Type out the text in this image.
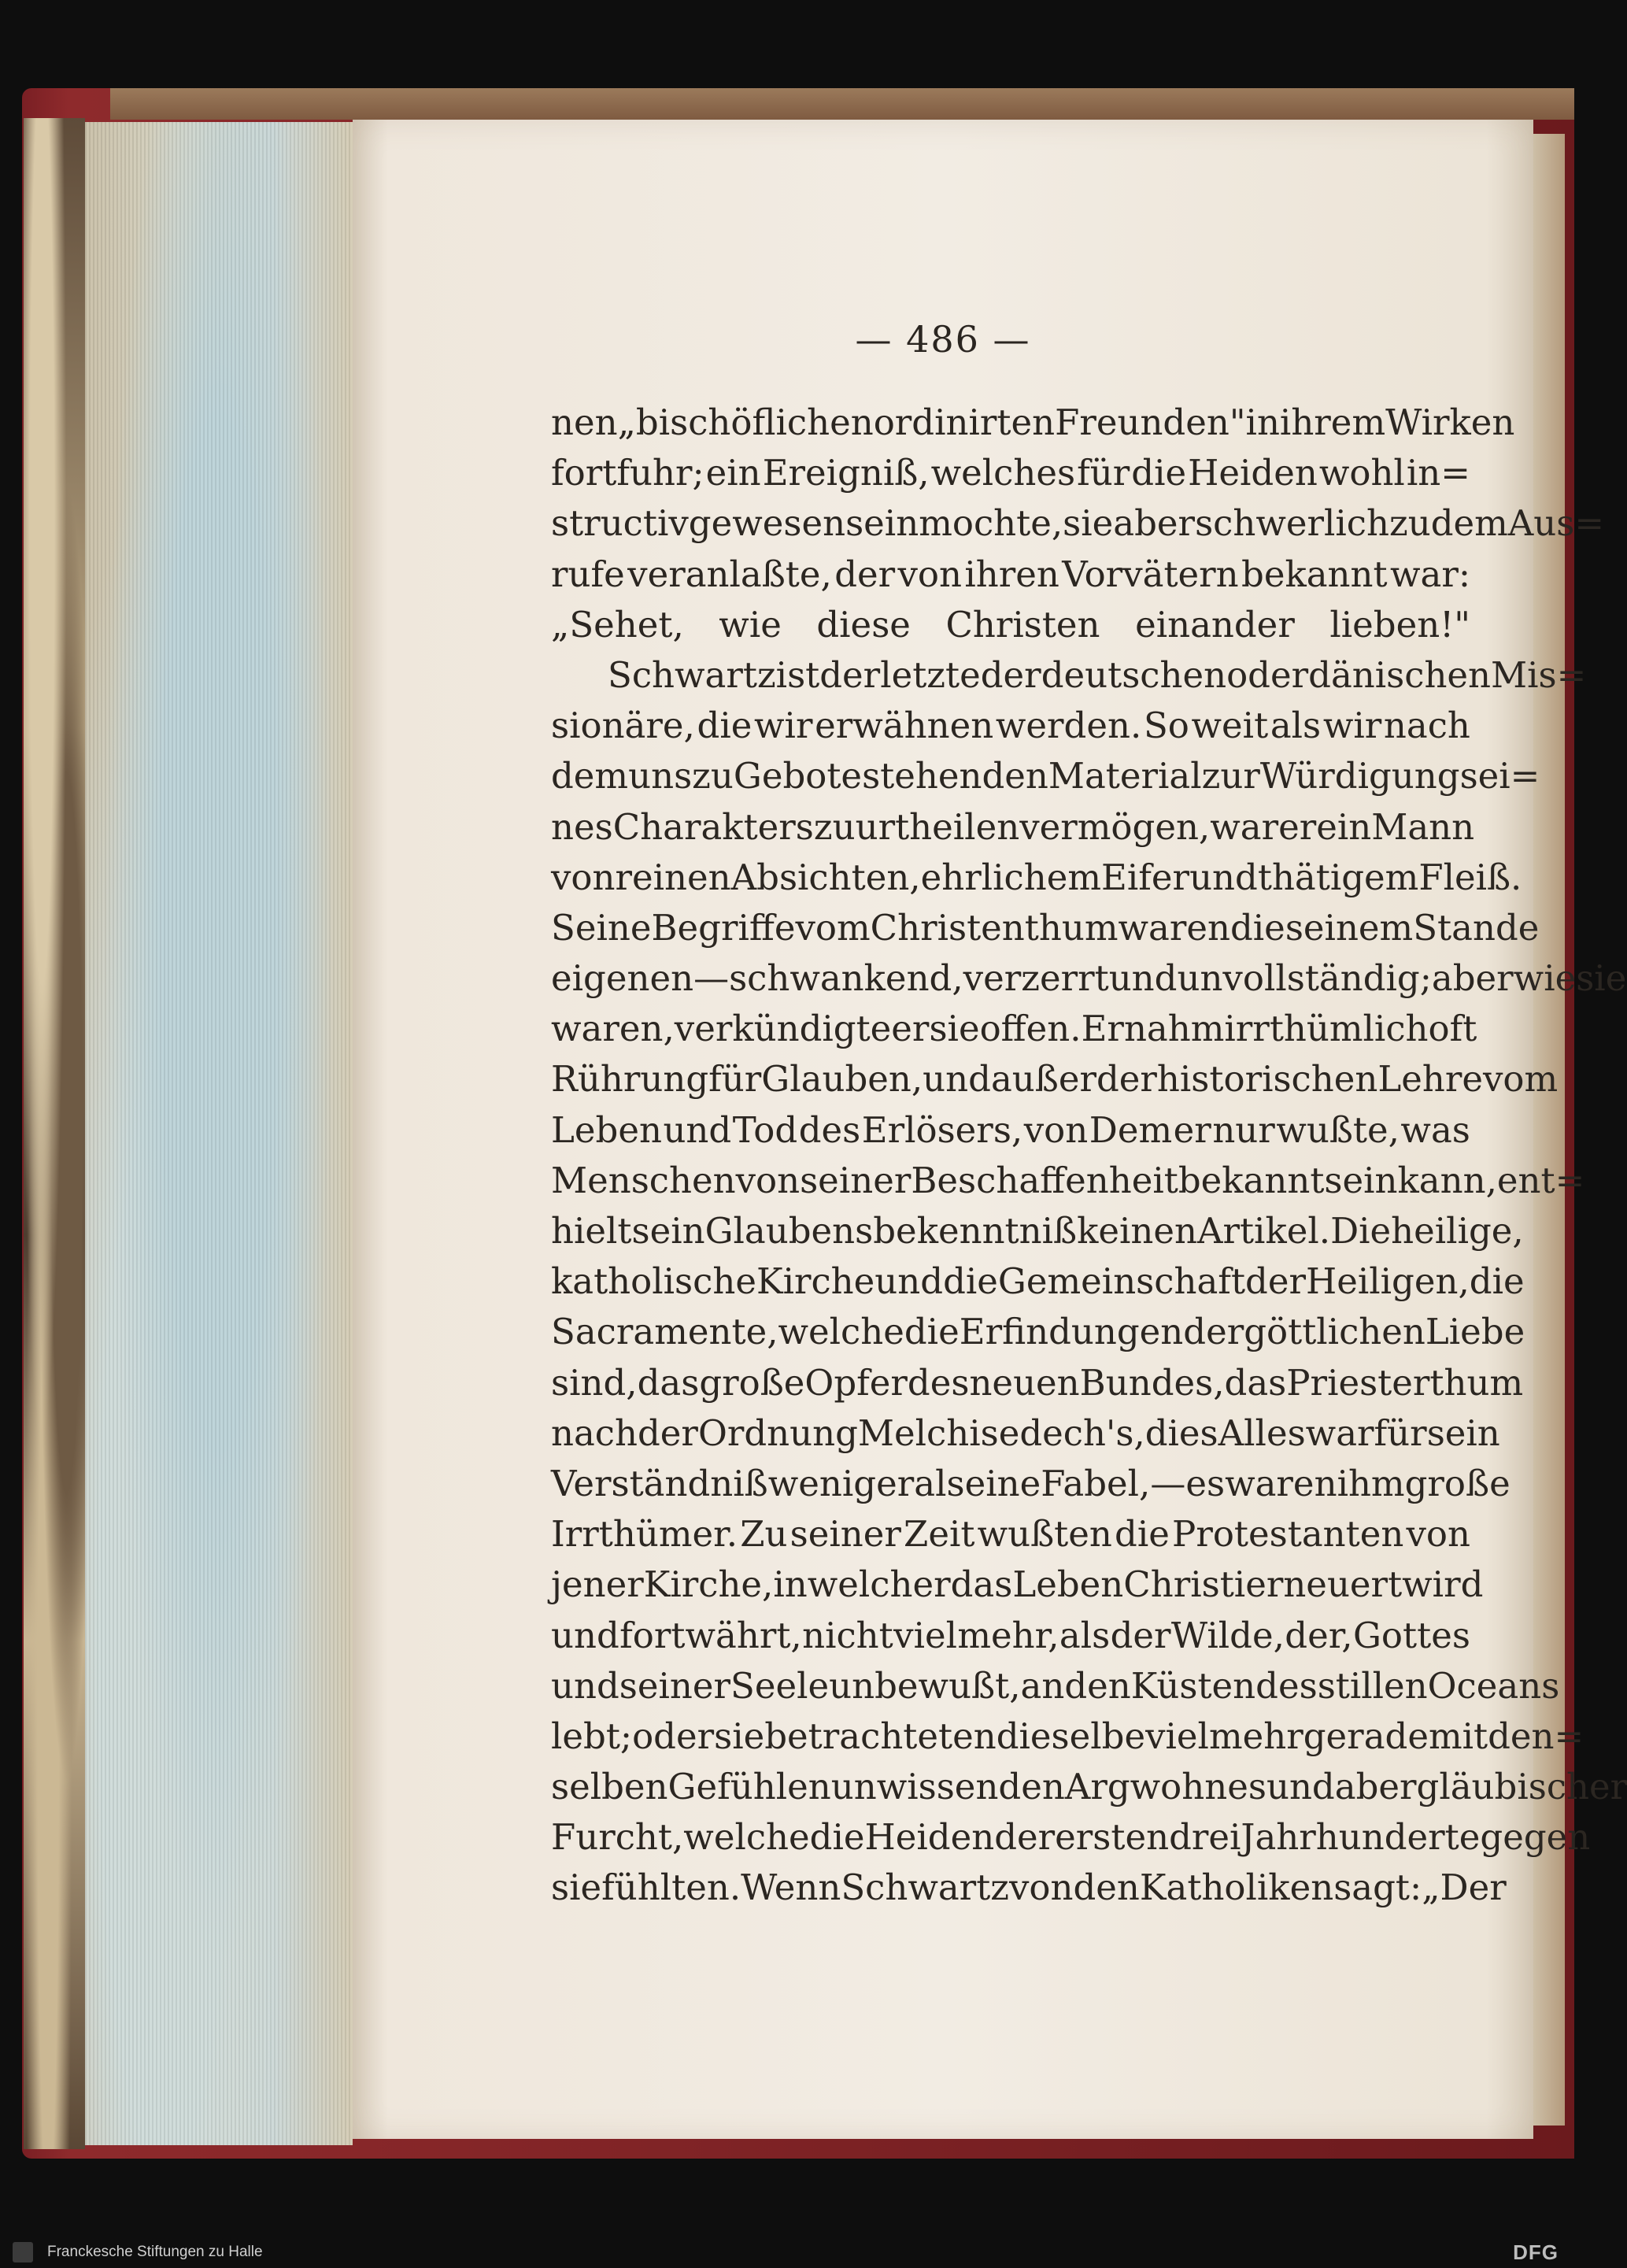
— 486 —
nen „bischöflichen ordinirten Freunden" in ihrem Wirken
fortfuhr; ein Ereigniß, welches für die Heiden wohl in=
structiv gewesen sein mochte, sie aber schwerlich zu dem Aus=
rufe veranlaßte, der von ihren Vorvätern bekannt war:
„Sehet, wie diese Christen einander lieben!"
Schwartz ist der letzte der deutschen oder dänischen Mis=
sionäre, die wir erwähnen werden. So weit als wir nach
dem uns zu Gebote stehenden Material zur Würdigung sei=
nes Charakters zu urtheilen vermögen, war er ein Mann
von reinen Absichten, ehrlichem Eifer und thätigem Fleiß.
Seine Begriffe vom Christenthum waren die seinem Stande
eigenen — schwankend, verzerrt und unvollständig; aber wie sie
waren, verkündigte er sie offen. Er nahm irrthümlich oft
Rührung für Glauben, und außer der historischen Lehre vom
Leben und Tod des Erlösers, von Dem er nur wußte, was
Menschen von seiner Beschaffenheit bekannt sein kann, ent=
hielt sein Glaubensbekenntniß keinen Artikel. Die heilige,
katholische Kirche und die Gemeinschaft der Heiligen, die
Sacramente, welche die Erfindungen der göttlichen Liebe
sind, das große Opfer des neuen Bundes, das Priesterthum
nach der Ordnung Melchisedech's, dies Alles war für sein
Verständniß weniger als eine Fabel, — es waren ihm große
Irrthümer. Zu seiner Zeit wußten die Protestanten von
jener Kirche, in welcher das Leben Christi erneuert wird
und fortwährt, nicht viel mehr, als der Wilde, der, Gottes
und seiner Seele unbewußt, an den Küsten des stillen Oceans
lebt; oder sie betrachteten dieselbe vielmehr gerade mit den=
selben Gefühlen unwissenden Argwohnes und abergläubischer
Furcht, welche die Heiden der ersten drei Jahrhunderte gegen
sie fühlten. Wenn Schwartz von den Katholiken sagt: „Der
Franckesche Stiftungen zu Halle	DFG
